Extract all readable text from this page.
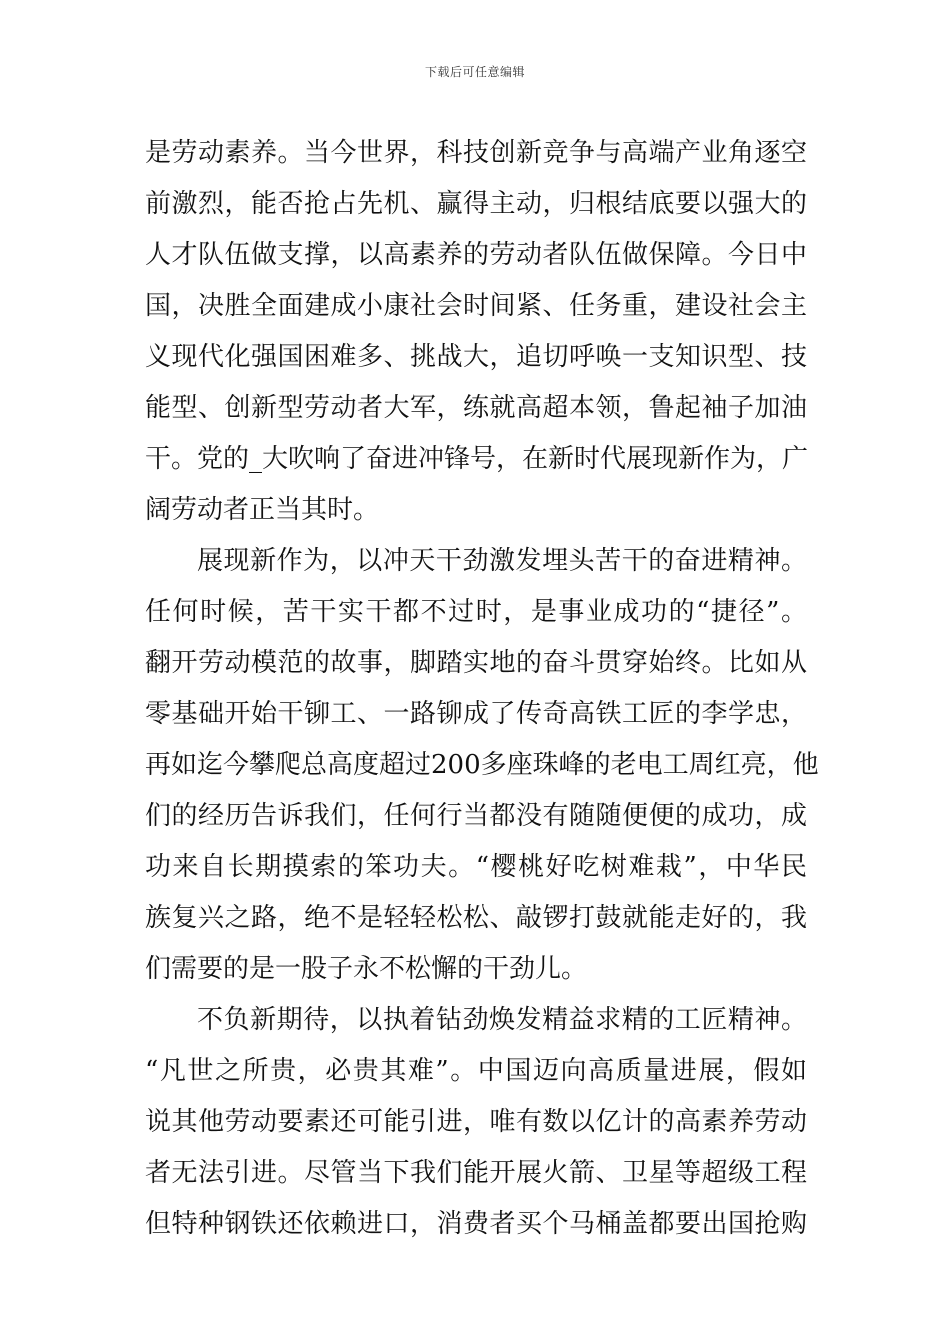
下载后可任意编辑
是劳动素养。当今世界，科技创新竞争与高端产业角逐空
前激烈，能否抢占先机、赢得主动，归根结底要以强大的
人才队伍做支撑，以高素养的劳动者队伍做保障。今日中
国，决胜全面建成小康社会时间紧、任务重，建设社会主
义现代化强国困难多、挑战大，追切呼唤一支知识型、技
能型、创新型劳动者大军，练就高超本领，鲁起袖子加油
干。党的_大吹响了奋进冲锋号，在新时代展现新作为，广
阔劳动者正当其时。
展现新作为，以冲天干劲激发埋头苦干的奋进精神。
任何时候，苦干实干都不过时，是事业成功的“捷径”。
翻开劳动模范的故事，脚踏实地的奋斗贯穿始终。比如从
零基础开始干铆工、一路铆成了传奇高铁工匠的李学忠，
再如迄今攀爬总高度超过200多座珠峰的老电工周红亮，他
们的经历告诉我们，任何行当都没有随随便便的成功，成
功来自长期摸索的笨功夫。“樱桃好吃树难栽”，中华民
族复兴之路，绝不是轻轻松松、敲锣打鼓就能走好的，我
们需要的是一股子永不松懈的干劲儿。
不负新期待，以执着钻劲焕发精益求精的工匠精神。
“凡世之所贵，必贵其难”。中国迈向高质量进展，假如
说其他劳动要素还可能引进，唯有数以亿计的高素养劳动
者无法引进。尽管当下我们能开展火箭、卫星等超级工程
但特种钢铁还依赖进口，消费者买个马桶盖都要出国抢购
